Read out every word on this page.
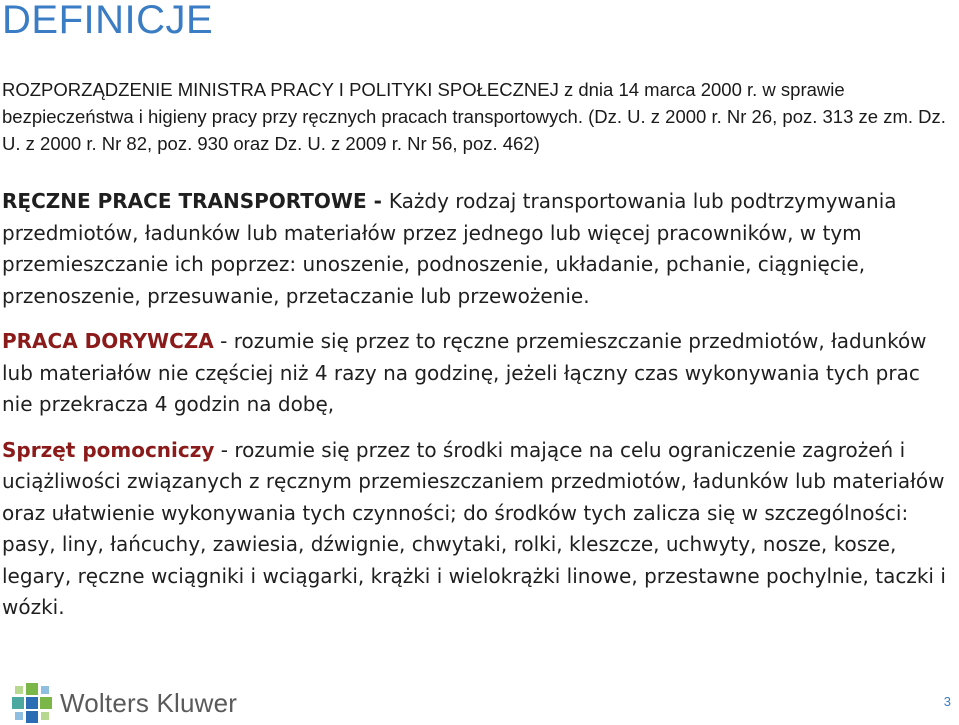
DEFINICJE
ROZPORZĄDZENIE MINISTRA PRACY I POLITYKI SPOŁECZNEJ z dnia 14 marca 2000 r. w sprawie bezpieczeństwa i higieny pracy przy ręcznych pracach transportowych. (Dz. U. z 2000 r. Nr 26, poz. 313 ze zm. Dz. U. z 2000 r. Nr 82, poz. 930 oraz Dz. U. z 2009 r. Nr 56, poz. 462)

RĘCZNE PRACE TRANSPORTOWE - Każdy rodzaj transportowania lub podtrzymywania przedmiotów, ładunków lub materiałów przez jednego lub więcej pracowników, w tym przemieszczanie ich poprzez: unoszenie, podnoszenie, układanie, pchanie, ciągnięcie, przenoszenie, przesuwanie, przetaczanie lub przewożenie.

PRACA DORYWCZA - rozumie się przez to ręczne przemieszczanie przedmiotów, ładunków lub materiałów nie częściej niż 4 razy na godzinę, jeżeli łączny czas wykonywania tych prac nie przekracza 4 godzin na dobę,

Sprzęt pomocniczy - rozumie się przez to środki mające na celu ograniczenie zagrożeń i uciążliwości związanych z ręcznym przemieszczaniem przedmiotów, ładunków lub materiałów oraz ułatwienie wykonywania tych czynności; do środków tych zalicza się w szczególności: pasy, liny, łańcuchy, zawiesia, dźwignie, chwytaki, rolki, kleszcze, uchwyty, nosze, kosze, legary, ręczne wciągniki i wciągarki, krążki i wielokrążki linowe, przestawne pochylnie, taczki i wózki.

Wolters Kluwer	3
